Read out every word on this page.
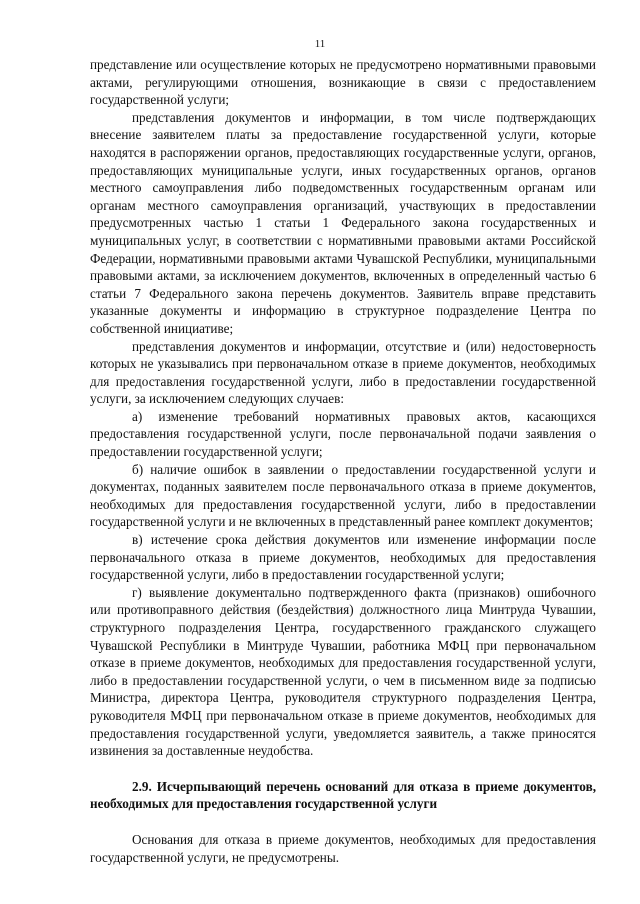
11

представление или осуществление которых не предусмотрено нормативными правовыми актами, регулирующими отношения, возникающие в связи с предоставлением государственной услуги;

представления документов и информации, в том числе подтверждающих внесение заявителем платы за предоставление государственной услуги, которые находятся в распоряжении органов, предоставляющих государственные услуги, органов, предоставляющих муниципальные услуги, иных государственных органов, органов местного самоуправления либо подведомственных государственным органам или органам местного самоуправления организаций, участвующих в предоставлении предусмотренных частью 1 статьи 1 Федерального закона государственных и муниципальных услуг, в соответствии с нормативными правовыми актами Российской Федерации, нормативными правовыми актами Чувашской Республики, муниципальными правовыми актами, за исключением документов, включенных в определенный частью 6 статьи 7 Федерального закона перечень документов. Заявитель вправе представить указанные документы и информацию в структурное подразделение Центра по собственной инициативе;

представления документов и информации, отсутствие и (или) недостоверность которых не указывались при первоначальном отказе в приеме документов, необходимых для предоставления государственной услуги, либо в предоставлении государственной услуги, за исключением следующих случаев:

а) изменение требований нормативных правовых актов, касающихся предоставления государственной услуги, после первоначальной подачи заявления о предоставлении государственной услуги;

б) наличие ошибок в заявлении о предоставлении государственной услуги и документах, поданных заявителем после первоначального отказа в приеме документов, необходимых для предоставления государственной услуги, либо в предоставлении государственной услуги и не включенных в представленный ранее комплект документов;

в) истечение срока действия документов или изменение информации после первоначального отказа в приеме документов, необходимых для предоставления государственной услуги, либо в предоставлении государственной услуги;

г) выявление документально подтвержденного факта (признаков) ошибочного или противоправного действия (бездействия) должностного лица Минтруда Чувашии, структурного подразделения Центра, государственного гражданского служащего Чувашской Республики в Минтруде Чувашии, работника МФЦ при первоначальном отказе в приеме документов, необходимых для предоставления государственной услуги, либо в предоставлении государственной услуги, о чем в письменном виде за подписью Министра, директора Центра, руководителя структурного подразделения Центра, руководителя МФЦ при первоначальном отказе в приеме документов, необходимых для предоставления государственной услуги, уведомляется заявитель, а также приносятся извинения за доставленные неудобства.

2.9. Исчерпывающий перечень оснований для отказа в приеме документов, необходимых для предоставления государственной услуги

Основания для отказа в приеме документов, необходимых для предоставления государственной услуги, не предусмотрены.
